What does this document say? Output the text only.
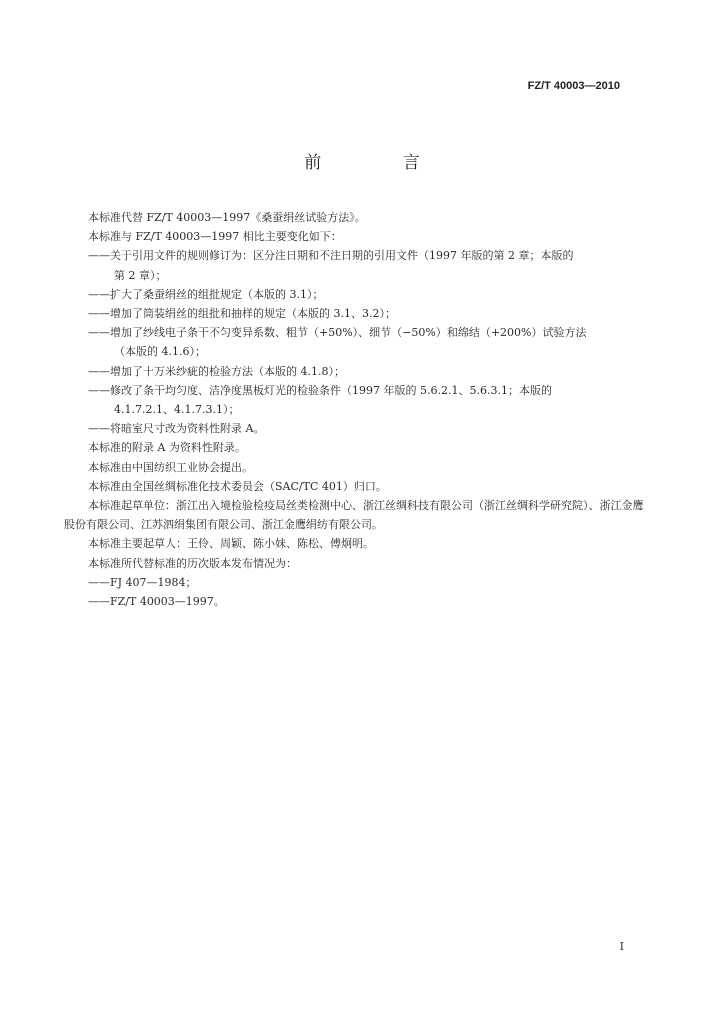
FZ/T 40003—2010
前 言

本标准代替 FZ/T 40003—1997《桑蚕绢丝试验方法》。

本标准与 FZ/T 40003—1997 相比主要变化如下：

——关于引用文件的规则修订为：区分注日期和不注日期的引用文件（1997 年版的第 2 章；本版的
第 2 章）；
——扩大了桑蚕绢丝的组批规定（本版的 3.1）；
——增加了筒装绢丝的组批和抽样的规定（本版的 3.1、3.2）；
——增加了纱线电子条干不匀变异系数、粗节（+50%）、细节（−50%）和绵结（+200%）试验方法
（本版的 4.1.6）；
——增加了十万米纱疵的检验方法（本版的 4.1.8）；
——修改了条干均匀度、洁净度黑板灯光的检验条件（1997 年版的 5.6.2.1、5.6.3.1；本版的
4.1.7.2.1、4.1.7.3.1）；
——将暗室尺寸改为资料性附录 A。

本标准的附录 A 为资料性附录。

本标准由中国纺织工业协会提出。

本标准由全国丝绸标准化技术委员会（SAC/TC 401）归口。

本标准起草单位：浙江出入境检验检疫局丝类检测中心、浙江丝绸科技有限公司（浙江丝绸科学研究院）、浙江金鹰股份有限公司、江苏泗绢集团有限公司、浙江金鹰绢纺有限公司。

本标准主要起草人：王伶、周颖、陈小妹、陈松、傅炯明。

本标准所代替标准的历次版本发布情况为：

——FJ 407—1984；
——FZ/T 40003—1997。
I
